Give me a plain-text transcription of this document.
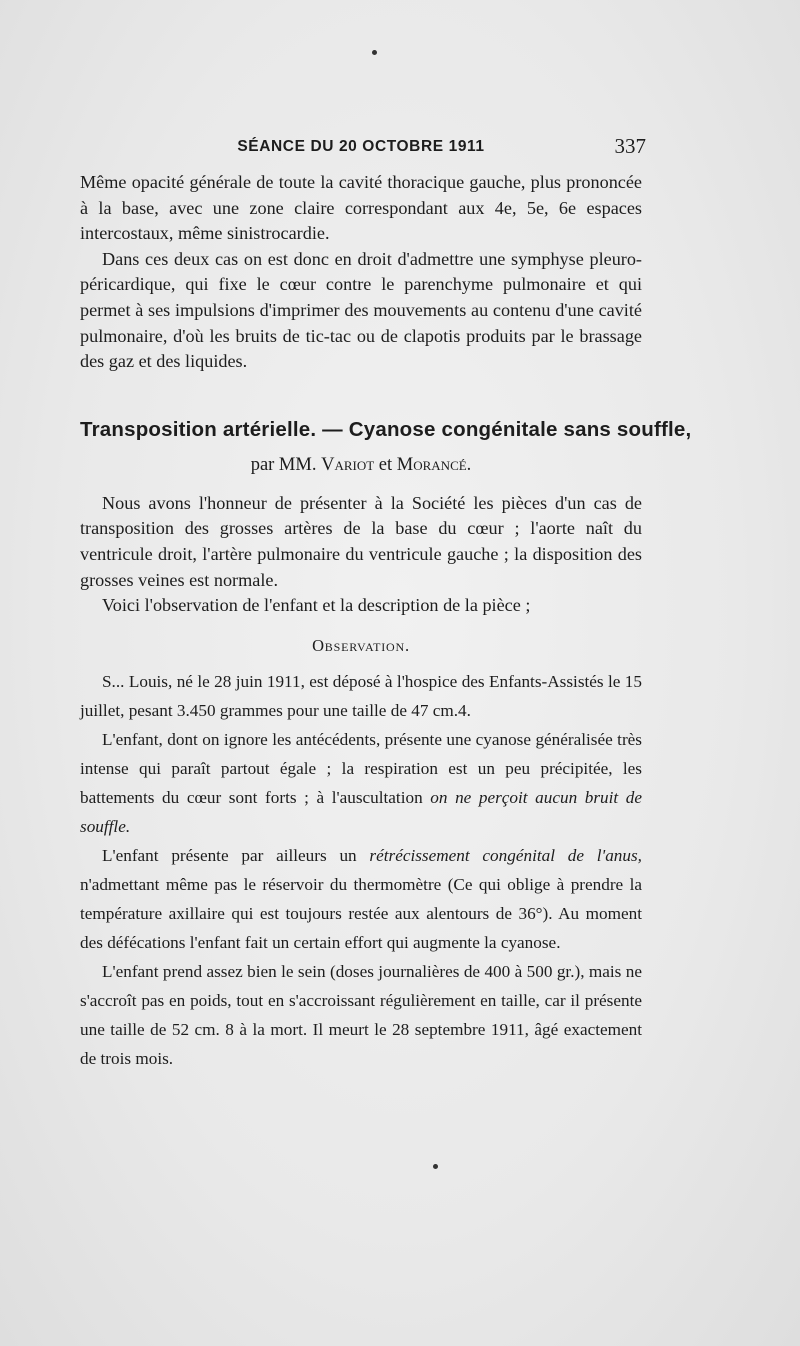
SÉANCE DU 20 OCTOBRE 1911	337

Même opacité générale de toute la cavité thoracique gauche, plus prononcée à la base, avec une zone claire correspondant aux 4e, 5e, 6e espaces intercostaux, même sinistrocardie.

Dans ces deux cas on est donc en droit d'admettre une symphyse pleuro-péricardique, qui fixe le cœur contre le parenchyme pulmonaire et qui permet à ses impulsions d'imprimer des mouvements au contenu d'une cavité pulmonaire, d'où les bruits de tic-tac ou de clapotis produits par le brassage des gaz et des liquides.

Transposition artérielle. — Cyanose congénitale sans souffle,
par MM. Variot et Morancé.

Nous avons l'honneur de présenter à la Société les pièces d'un cas de transposition des grosses artères de la base du cœur ; l'aorte naît du ventricule droit, l'artère pulmonaire du ventricule gauche ; la disposition des grosses veines est normale.

Voici l'observation de l'enfant et la description de la pièce ;

Observation.

S... Louis, né le 28 juin 1911, est déposé à l'hospice des Enfants-Assistés le 15 juillet, pesant 3.450 grammes pour une taille de 47 cm.4.

L'enfant, dont on ignore les antécédents, présente une cyanose généralisée très intense qui paraît partout égale ; la respiration est un peu précipitée, les battements du cœur sont forts ; à l'auscultation on ne perçoit aucun bruit de souffle.

L'enfant présente par ailleurs un rétrécissement congénital de l'anus, n'admettant même pas le réservoir du thermomètre (Ce qui oblige à prendre la température axillaire qui est toujours restée aux alentours de 36°). Au moment des défécations l'enfant fait un certain effort qui augmente la cyanose.

L'enfant prend assez bien le sein (doses journalières de 400 à 500 gr.), mais ne s'accroît pas en poids, tout en s'accroissant régulièrement en taille, car il présente une taille de 52 cm. 8 à la mort. Il meurt le 28 septembre 1911, âgé exactement de trois mois.
